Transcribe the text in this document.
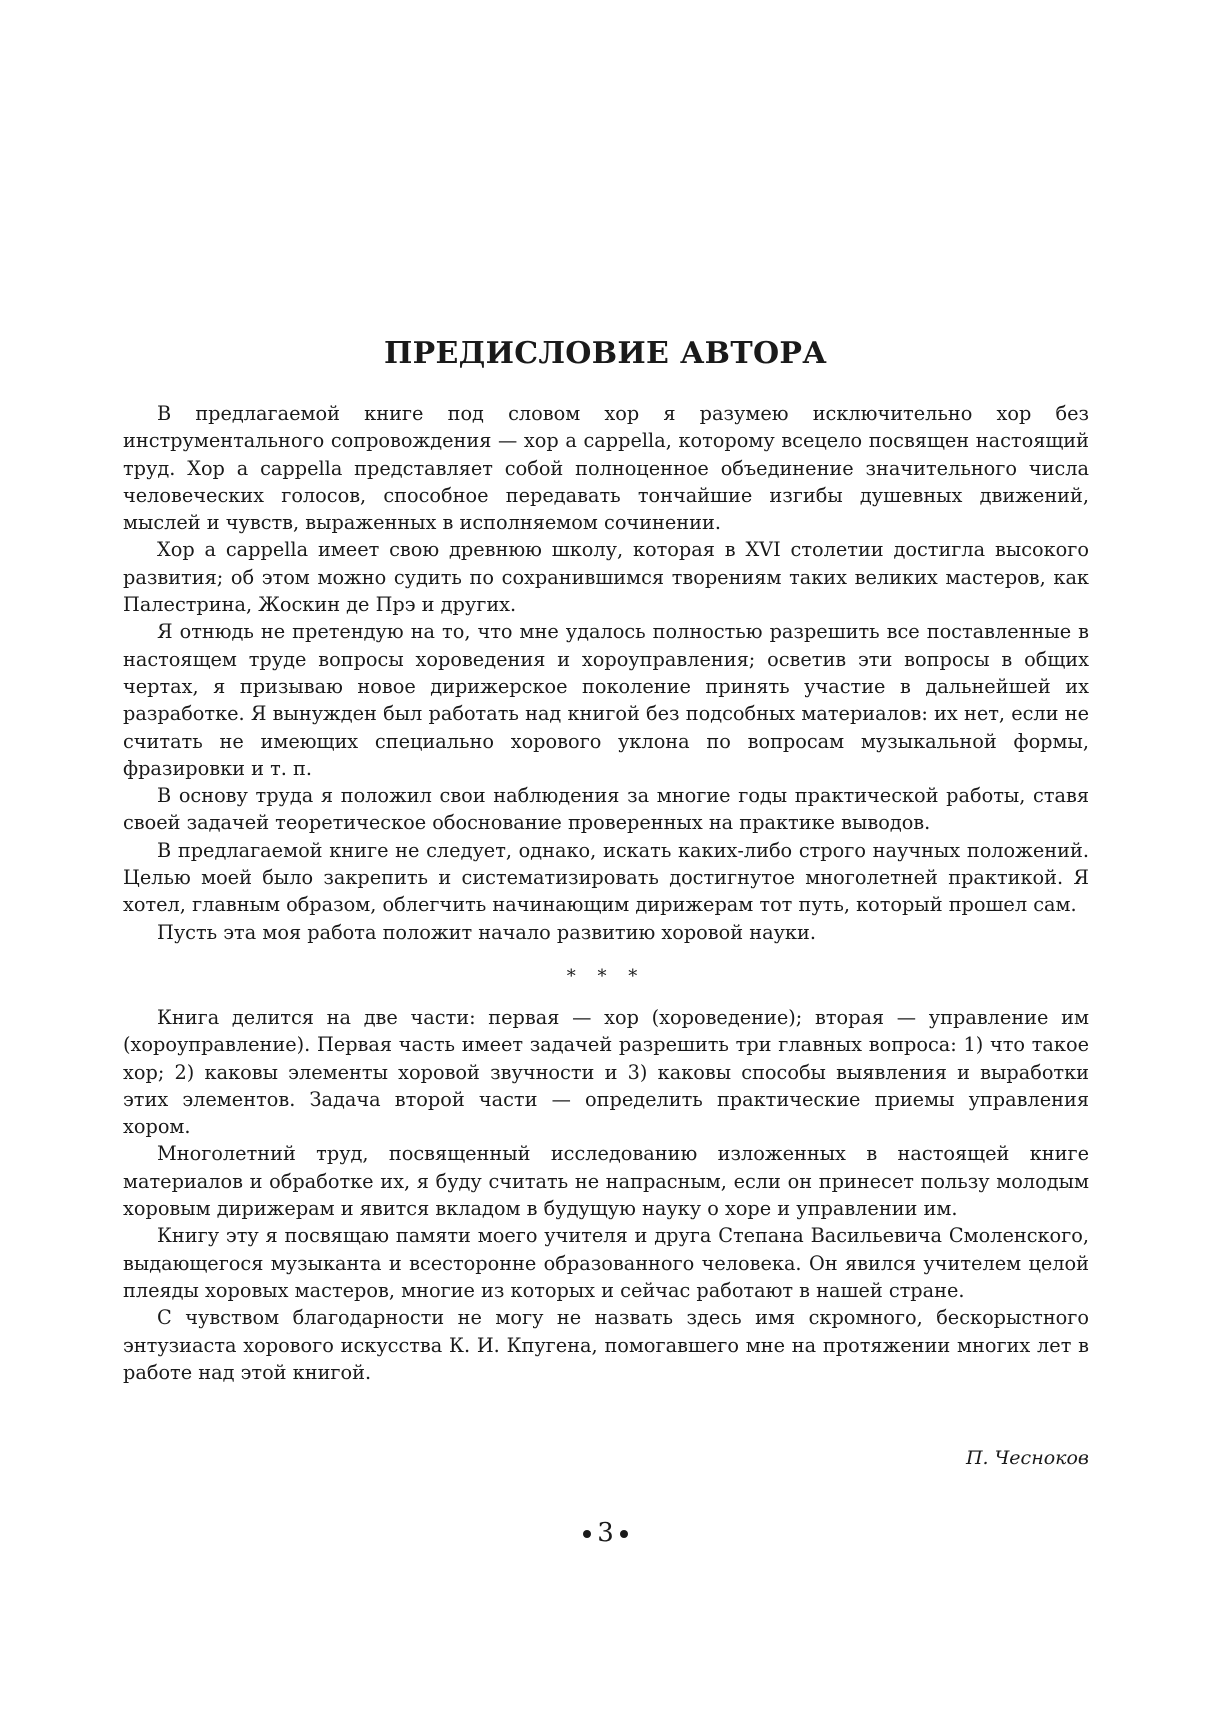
ПРЕДИСЛОВИЕ АВТОРА

В предлагаемой книге под словом хор я разумею исключительно хор без инструментального сопровождения — хор a cappella, которому всецело посвящен настоящий труд. Хор a cappella представляет собой полноценное объединение значительного числа человеческих голосов, способное передавать тончайшие изгибы душевных движений, мыслей и чувств, выраженных в исполняемом сочинении.

Хор a cappella имеет свою древнюю школу, которая в XVI столетии достигла высокого развития; об этом можно судить по сохранившимся творениям таких великих мастеров, как Палестрина, Жоскин де Прэ и других.

Я отнюдь не претендую на то, что мне удалось полностью разрешить все поставленные в настоящем труде вопросы хороведения и хороуправления; осветив эти вопросы в общих чертах, я призываю новое дирижерское поколение принять участие в дальнейшей их разработке. Я вынужден был работать над книгой без подсобных материалов: их нет, если не считать не имеющих специально хорового уклона по вопросам музыкальной формы, фразировки и т. п.

В основу труда я положил свои наблюдения за многие годы практической работы, ставя своей задачей теоретическое обоснование проверенных на практике выводов.

В предлагаемой книге не следует, однако, искать каких-либо строго научных положений. Целью моей было закрепить и систематизировать достигнутое многолетней практикой. Я хотел, главным образом, облегчить начинающим дирижерам тот путь, который прошел сам.

Пусть эта моя работа положит начало развитию хоровой науки.

* * *

Книга делится на две части: первая — хор (хороведение); вторая — управление им (хороуправление). Первая часть имеет задачей разрешить три главных вопроса: 1) что такое хор; 2) каковы элементы хоровой звучности и 3) каковы способы выявления и выработки этих элементов. Задача второй части — определить практические приемы управления хором.

Многолетний труд, посвященный исследованию изложенных в настоящей книге материалов и обработке их, я буду считать не напрасным, если он принесет пользу молодым хоровым дирижерам и явится вкладом в будущую науку о хоре и управлении им.

Книгу эту я посвящаю памяти моего учителя и друга Степана Васильевича Смоленского, выдающегося музыканта и всесторонне образованного человека. Он явился учителем целой плеяды хоровых мастеров, многие из которых и сейчас работают в нашей стране.

С чувством благодарности не могу не назвать здесь имя скромного, бескорыстного энтузиаста хорового искусства К. И. Кпугена, помогавшего мне на протяжении многих лет в работе над этой книгой.

П. Чесноков
3
